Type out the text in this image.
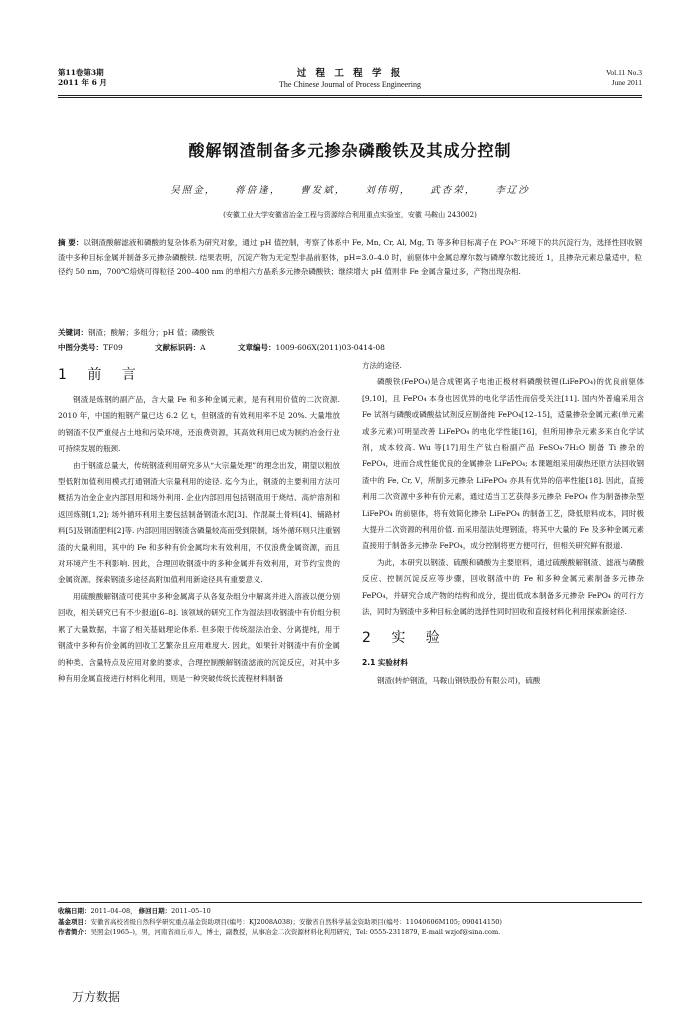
第11卷第3期
2011 年 6 月
过 程 工 程 学 报
The Chinese Journal of Process Engineering
Vol.11 No.3
June 2011
酸解钢渣制备多元掺杂磷酸铁及其成分控制
吴照金， 蒋倍逢， 曹发斌， 刘伟明， 武杏荣， 李辽沙
(安徽工业大学安徽省冶金工程与资源综合利用重点实验室，安徽 马鞍山 243002)
摘 要：以钢渣酸解滤液和磷酸的复杂体系为研究对象，通过 pH 值控制，考察了体系中 Fe, Mn, Cr, Al, Mg, Ti 等多种目标离子在 PO₄³⁻环境下的共沉淀行为，选择性回收钢渣中多种目标金属并制备多元掺杂磷酸铁. 结果表明，沉淀产物为无定型非晶前驱体，pH=3.0–4.0 时，前驱体中金属总摩尔数与磷摩尔数比接近 1，且掺杂元素总量适中，粒径约 50 nm，700℃焙烧可得粒径 200–400 nm 的单相六方晶系多元掺杂磷酸铁；继续增大 pH 值则非 Fe 金属含量过多，产物出现杂相.
关键词：钢渣；酸解；多组分；pH 值；磷酸铁
中图分类号：TF09	文献标识码：A	文章编号：1009-606X(2011)03-0414-08
1 前 言

钢渣是炼钢的副产品，含大量 Fe 和多种金属元素，是有利用价值的二次资源. 2010 年，中国的粗钢产量已达 6.2 亿 t，但钢渣的有效利用率不足 20%. 大量堆放的钢渣不仅严重侵占土地和污染环境，还浪费资源，其高效利用已成为制约冶金行业可持续发展的瓶颈.

由于钢渣总量大，传统钢渣利用研究多从“大宗量处理”的理念出发，期望以粗放型低附加值利用模式打通钢渣大宗量利用的途径. 迄今为止，钢渣的主要利用方法可概括为冶金企业内部回用和场外利用. 企业内部回用包括钢渣用于烧结、高炉溶剂和返回炼钢[1,2]; 场外循环利用主要包括制备钢渣水泥[3]、作混凝土骨料[4]、铺路材料[5]及钢渣肥料[2]等. 内部回用因钢渣含磷量较高而受到限制，场外循环则只注重钢渣的大量利用，其中的 Fe 和多种有价金属均未有效利用，不仅浪费金属资源，而且对环境产生不利影响. 因此，合理回收钢渣中的多种金属并有效利用，对节约宝贵的金属资源、探索钢渣多途径高附加值利用新途径具有重要意义.

用硫酸酸解钢渣可使其中多种金属离子从各复杂组分中解离并进入溶液以便分别回收，相关研究已有不少报道[6–8]. 该领域的研究工作为湿法回收钢渣中有价组分积累了大量数据，丰富了相关基础理论体系. 但多限于传统湿法冶金、分离提纯，用于钢渣中多种有价金属的回收工艺繁杂且应用难度大. 因此，如果针对钢渣中有价金属的种类、含量特点及应用对象的要求，合理控制酸解钢渣滤液的沉淀反应，对其中多种有用金属直接进行材料化利用，则是一种突破传统长流程材料制备

方法的途径.

磷酸铁(FePO₄)是合成锂离子电池正极材料磷酸铁锂(LiFePO₄)的优良前驱体[9,10]，且 FePO₄ 本身也因优异的电化学活性而倍受关注[11]. 国内外普遍采用含 Fe 试剂与磷酸或磷酸盐试剂反应制备纯 FePO₄[12–15]，适量掺杂金属元素(单元素或多元素)可明显改善 LiFePO₄ 的电化学性能[16]，但所用掺杂元素多来自化学试剂，成本较高. Wu 等[17]用生产钛白粉副产品 FeSO₄·7H₂O 制备 Ti 掺杂的 FePO₄，进而合成性能优良的金属掺杂 LiFePO₄; 本课题组采用碳热还原方法回收钢渣中的 Fe, Cr, V，所制多元掺杂 LiFePO₄ 亦具有优异的倍率性能[18]. 因此，直接利用二次资源中多种有价元素，通过适当工艺获得多元掺杂 FePO₄ 作为制备掺杂型 LiFePO₄ 的前驱体，将有效简化掺杂 LiFePO₄ 的制备工艺，降低原料成本，同时极大提升二次资源的利用价值. 而采用湿法处理钢渣，将其中大量的 Fe 及多种金属元素直接用于制备多元掺杂 FePO₄，成分控制将更方便可行，但相关研究鲜有报道.

为此，本研究以钢渣、硫酸和磷酸为主要原料，通过硫酸酸解钢渣、滤液与磷酸反应、控制沉淀反应等步骤，回收钢渣中的 Fe 和多种金属元素制备多元掺杂 FePO₄，并研究合成产物的结构和成分，提出低成本制备多元掺杂 FePO₄ 的可行方法，同时为钢渣中多种目标金属的选择性同时回收和直接材料化利用探索新途径.

2 实 验
2.1 实验材料

钢渣(转炉钢渣，马鞍山钢铁股份有限公司)，硫酸

收稿日期：2011–04–08， 修回日期：2011–05–10
基金项目：安徽省高校省级自然科学研究重点基金资助项目(编号：KJ2008A038)；安徽省自然科学基金资助项目(编号：11040606M105; 090414150)
作者简介：吴照金(1965–)，男，河南省商丘市人，博士，副教授，从事冶金二次资源材料化利用研究，Tel: 0555-2311879, E-mail wzjof@sina.com.
万方数据
